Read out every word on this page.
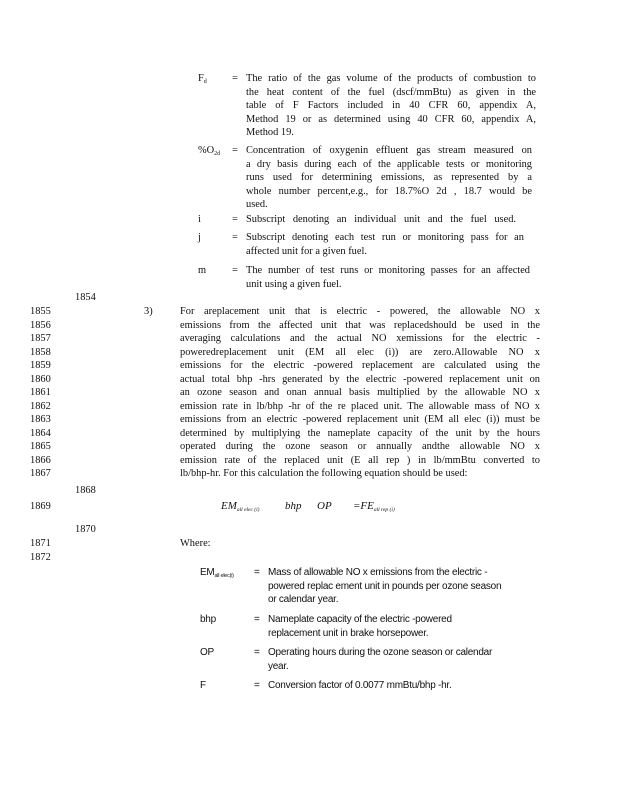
$F_d$ = The ratio of the gas volume of the products of combustion to
the heat content of the fuel (dscf/mmBtu) as given in the
table of F Factors included in 40 CFR 60, appendix A,
Method 19 or as determined using 40 CFR 60, appendix A,
Method 19.
$\%O_{2d}$ = Concentration of oxygenin effluent gas stream measured on
a dry basis during each of the applicable tests or monitoring
runs used for determining emissions, as represented by a
whole number percent,e.g., for 18.7%O 2d , 18.7 would be
used.
i	= Subscript denoting an individual unit and the fuel used.
j	= Subscript denoting each test run or monitoring pass for an
affected unit for a given fuel.
m = The number of test runs or monitoring passes for an affected
unit using a given fuel.
1854
1855
1856
1857
1858
1859
1860
1861
1862
1863
1864
1865
1866
1867
1868
1869
1870
1871
1872
3)	For areplacement unit that is electric - powered, the allowable NO x
emissions from the affected unit that was replacedshould be used in the
averaging calculations and the actual NO xemissions for the electric -
poweredreplacement unit (EM all elec (i)) are zero.Allowable NO x
emissions for the electric -powered replacement are calculated using the
actual total bhp -hrs generated by the electric -powered replacement unit on
an ozone season and onan annual basis multiplied by the allowable NO x
emission rate in lb/bhp -hr of the re placed unit. The allowable mass of NO x
emissions from an electric -powered replacement unit (EM all elec (i)) must be
determined by multiplying the nameplate capacity of the unit by the hours
operated during the ozone season or annually andthe allowable NO x
emission rate of the replaced unit (E all rep ) in lb/mmBtu converted to
lb/bhp-hr. For this calculation the following equation should be used:
$EM_{all elec (i)}$ bhp OP $=FE_{all rep (i)}$
Where:
$EM_{all elec(i)}$ = Mass of allowable NO x emissions from the electric -
powered replac ement unit in pounds per ozone season
or calendar year.
bhp	= Nameplate capacity of the electric -powered
replacement unit in brake horsepower.
OP	= Operating hours during the ozone season or calendar
year.
F	= Conversion factor of 0.0077 mmBtu/bhp -hr.
